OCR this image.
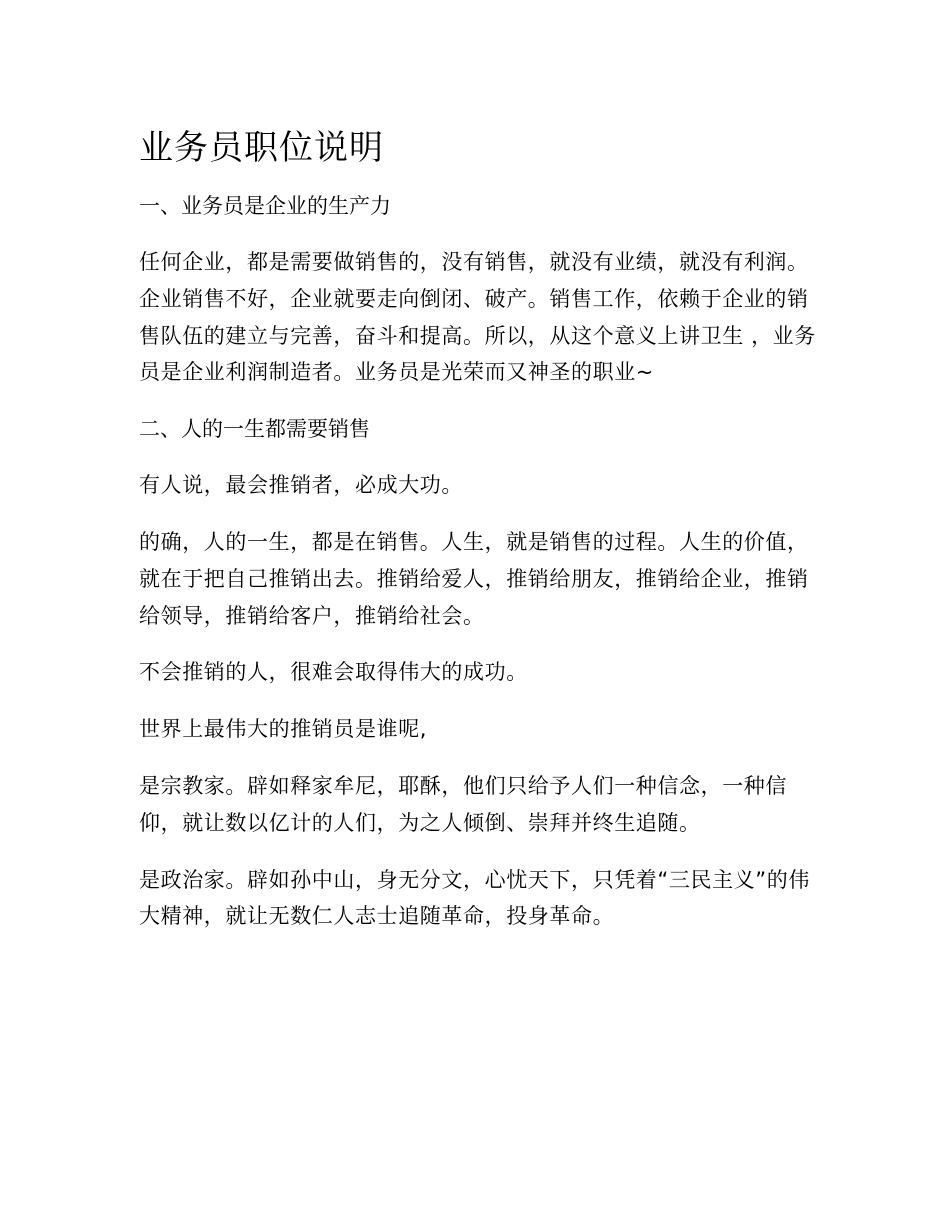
业务员职位说明

一、业务员是企业的生产力

任何企业，都是需要做销售的，没有销售，就没有业绩，就没有利润。企业销售不好，企业就要走向倒闭、破产。销售工作，依赖于企业的销售队伍的建立与完善，奋斗和提高。所以，从这个意义上讲卫生 ，业务员是企业利润制造者。业务员是光荣而又神圣的职业~

二、人的一生都需要销售

有人说，最会推销者，必成大功。

的确，人的一生，都是在销售。人生，就是销售的过程。人生的价值，就在于把自己推销出去。推销给爱人，推销给朋友，推销给企业，推销给领导，推销给客户，推销给社会。

不会推销的人，很难会取得伟大的成功。

世界上最伟大的推销员是谁呢,

是宗教家。辟如释家牟尼，耶酥，他们只给予人们一种信念，一种信仰，就让数以亿计的人们，为之人倾倒、崇拜并终生追随。

是政治家。辟如孙中山，身无分文，心忧天下，只凭着“三民主义”的伟大精神，就让无数仁人志士追随革命，投身革命。
